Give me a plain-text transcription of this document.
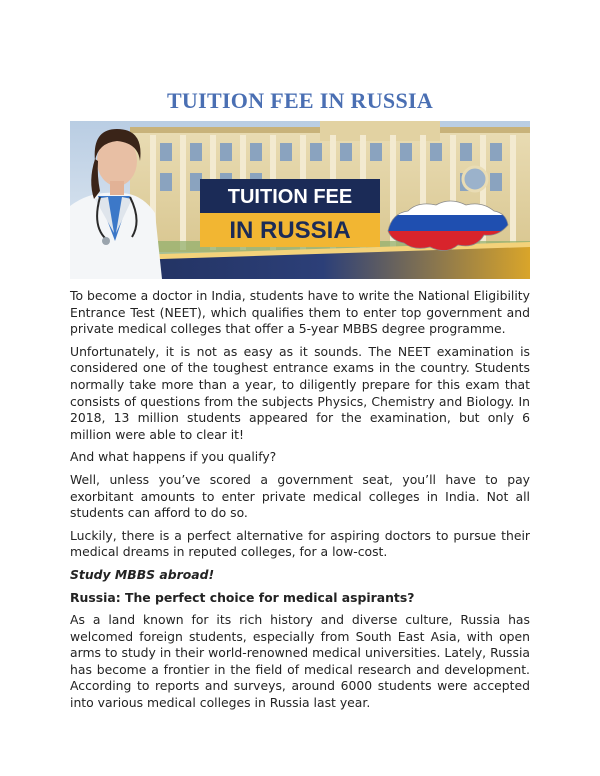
TUITION FEE IN RUSSIA
TUITION FEE
IN RUSSIA

To become a doctor in India, students have to write the National Eligibility Entrance Test (NEET), which qualifies them to enter top government and private medical colleges that offer a 5-year MBBS degree programme.

Unfortunately, it is not as easy as it sounds. The NEET examination is considered one of the toughest entrance exams in the country. Students normally take more than a year, to diligently prepare for this exam that consists of questions from the subjects Physics, Chemistry and Biology. In 2018, 13 million students appeared for the examination, but only 6 million were able to clear it!

And what happens if you qualify?

Well, unless you’ve scored a government seat, you’ll have to pay exorbitant amounts to enter private medical colleges in India. Not all students can afford to do so.

Luckily, there is a perfect alternative for aspiring doctors to pursue their medical dreams in reputed colleges, for a low-cost.

Study MBBS abroad!
Russia: The perfect choice for medical aspirants?

As a land known for its rich history and diverse culture, Russia has welcomed foreign students, especially from South East Asia, with open arms to study in their world-renowned medical universities. Lately, Russia has become a frontier in the field of medical research and development. According to reports and surveys, around 6000 students were accepted into various medical colleges in Russia last year.
